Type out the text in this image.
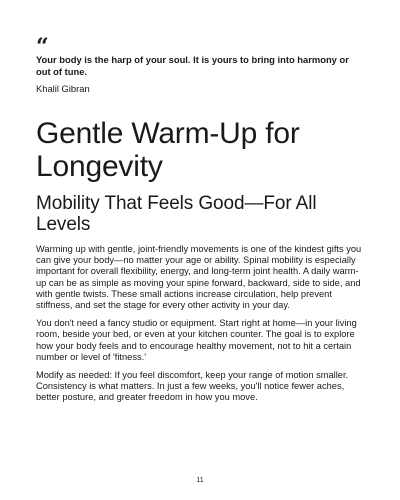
“

Your body is the harp of your soul. It is yours to bring into harmony or out of tune.

Khalil Gibran

Gentle Warm-Up for Longevity
Mobility That Feels Good—For All Levels

Warming up with gentle, joint-friendly movements is one of the kindest gifts you can give your body—no matter your age or ability. Spinal mobility is especially important for overall flexibility, energy, and long-term joint health. A daily warm-up can be as simple as moving your spine forward, backward, side to side, and with gentle twists. These small actions increase circulation, help prevent stiffness, and set the stage for every other activity in your day.

You don't need a fancy studio or equipment. Start right at home—in your living room, beside your bed, or even at your kitchen counter. The goal is to explore how your body feels and to encourage healthy movement, not to hit a certain number or level of 'fitness.'

Modify as needed: If you feel discomfort, keep your range of motion smaller. Consistency is what matters. In just a few weeks, you'll notice fewer aches, better posture, and greater freedom in how you move.

11
